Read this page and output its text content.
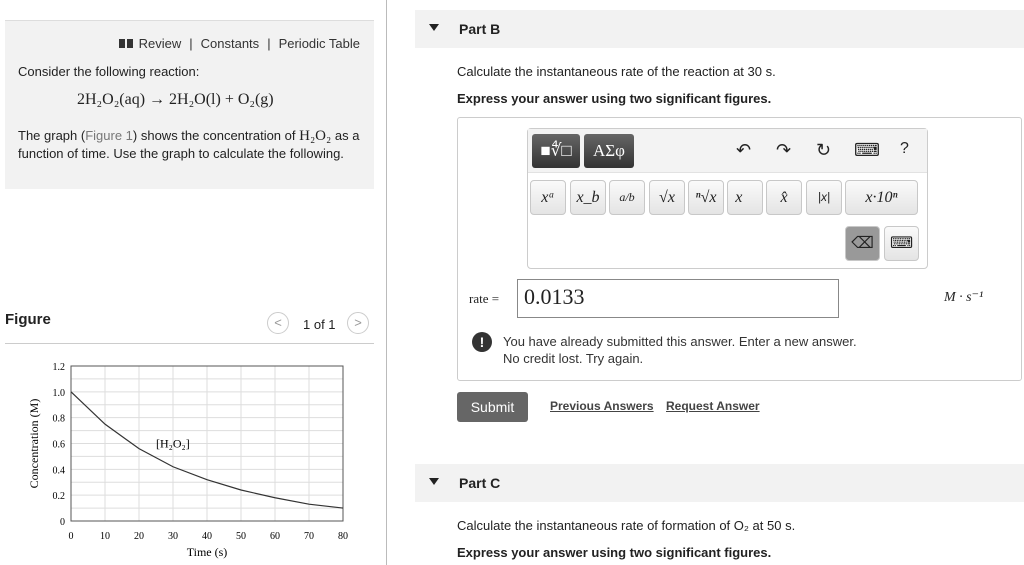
Review | Constants | Periodic Table
Consider the following reaction:
2H₂O₂(aq) → 2H₂O(l) + O₂(g)
The graph (Figure 1) shows the concentration of H₂O₂ as a function of time. Use the graph to calculate the following.
Figure	<	1 of 1	>
0	10 20 30 40 50 60 70 80
0
0.2
0.4
0.6
0.8
1.0
1.2
Time (s)
Concentration (M)	[H₂O₂]
Part B
Calculate the instantaneous rate of the reaction at 30 s.
Express your answer using two significant figures.
■∜□	ΑΣφ	↶ ↷ ↻ ⌨ ?
xᵃ	x_b	a/b	√x	ⁿ√x	x⃗	x̂	|x|	x·10ⁿ
⌫	⌨
rate =	0.0133	M · s⁻¹
!	You have already submitted this answer. Enter a new answer.
No credit lost. Try again.
Submit	Previous Answers Request Answer
Part C
Calculate the instantaneous rate of formation of O₂ at 50 s.
Express your answer using two significant figures.
